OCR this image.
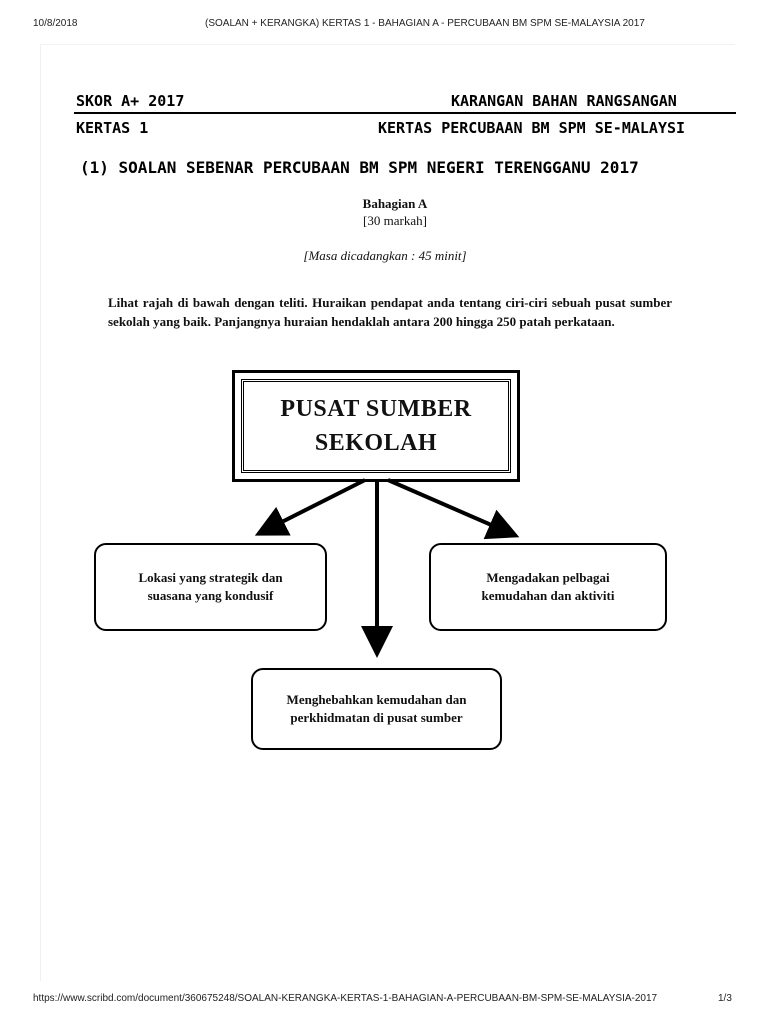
10/8/2018	(SOALAN + KERANGKA) KERTAS 1 - BAHAGIAN A - PERCUBAAN BM SPM SE-MALAYSIA 2017
SKOR A+ 2017	KARANGAN BAHAN RANGSANGAN
KERTAS 1	KERTAS PERCUBAAN BM SPM SE-MALAYSI
(1) SOALAN SEBENAR PERCUBAAN BM SPM NEGERI TERENGGANU 2017
Bahagian A
[30 markah]
[Masa dicadangkan : 45 minit]
Lihat rajah di bawah dengan teliti. Huraikan pendapat anda tentang ciri-ciri sebuah pusat sumber sekolah yang baik. Panjangnya huraian hendaklah antara 200 hingga 250 patah perkataan.
PUSAT SUMBER SEKOLAH
Lokasi yang strategik dan suasana yang kondusif
Mengadakan pelbagai kemudahan dan aktiviti
Menghebahkan kemudahan dan perkhidmatan di pusat sumber
https://www.scribd.com/document/360675248/SOALAN-KERANGKA-KERTAS-1-BAHAGIAN-A-PERCUBAAN-BM-SPM-SE-MALAYSIA-2017	1/3
